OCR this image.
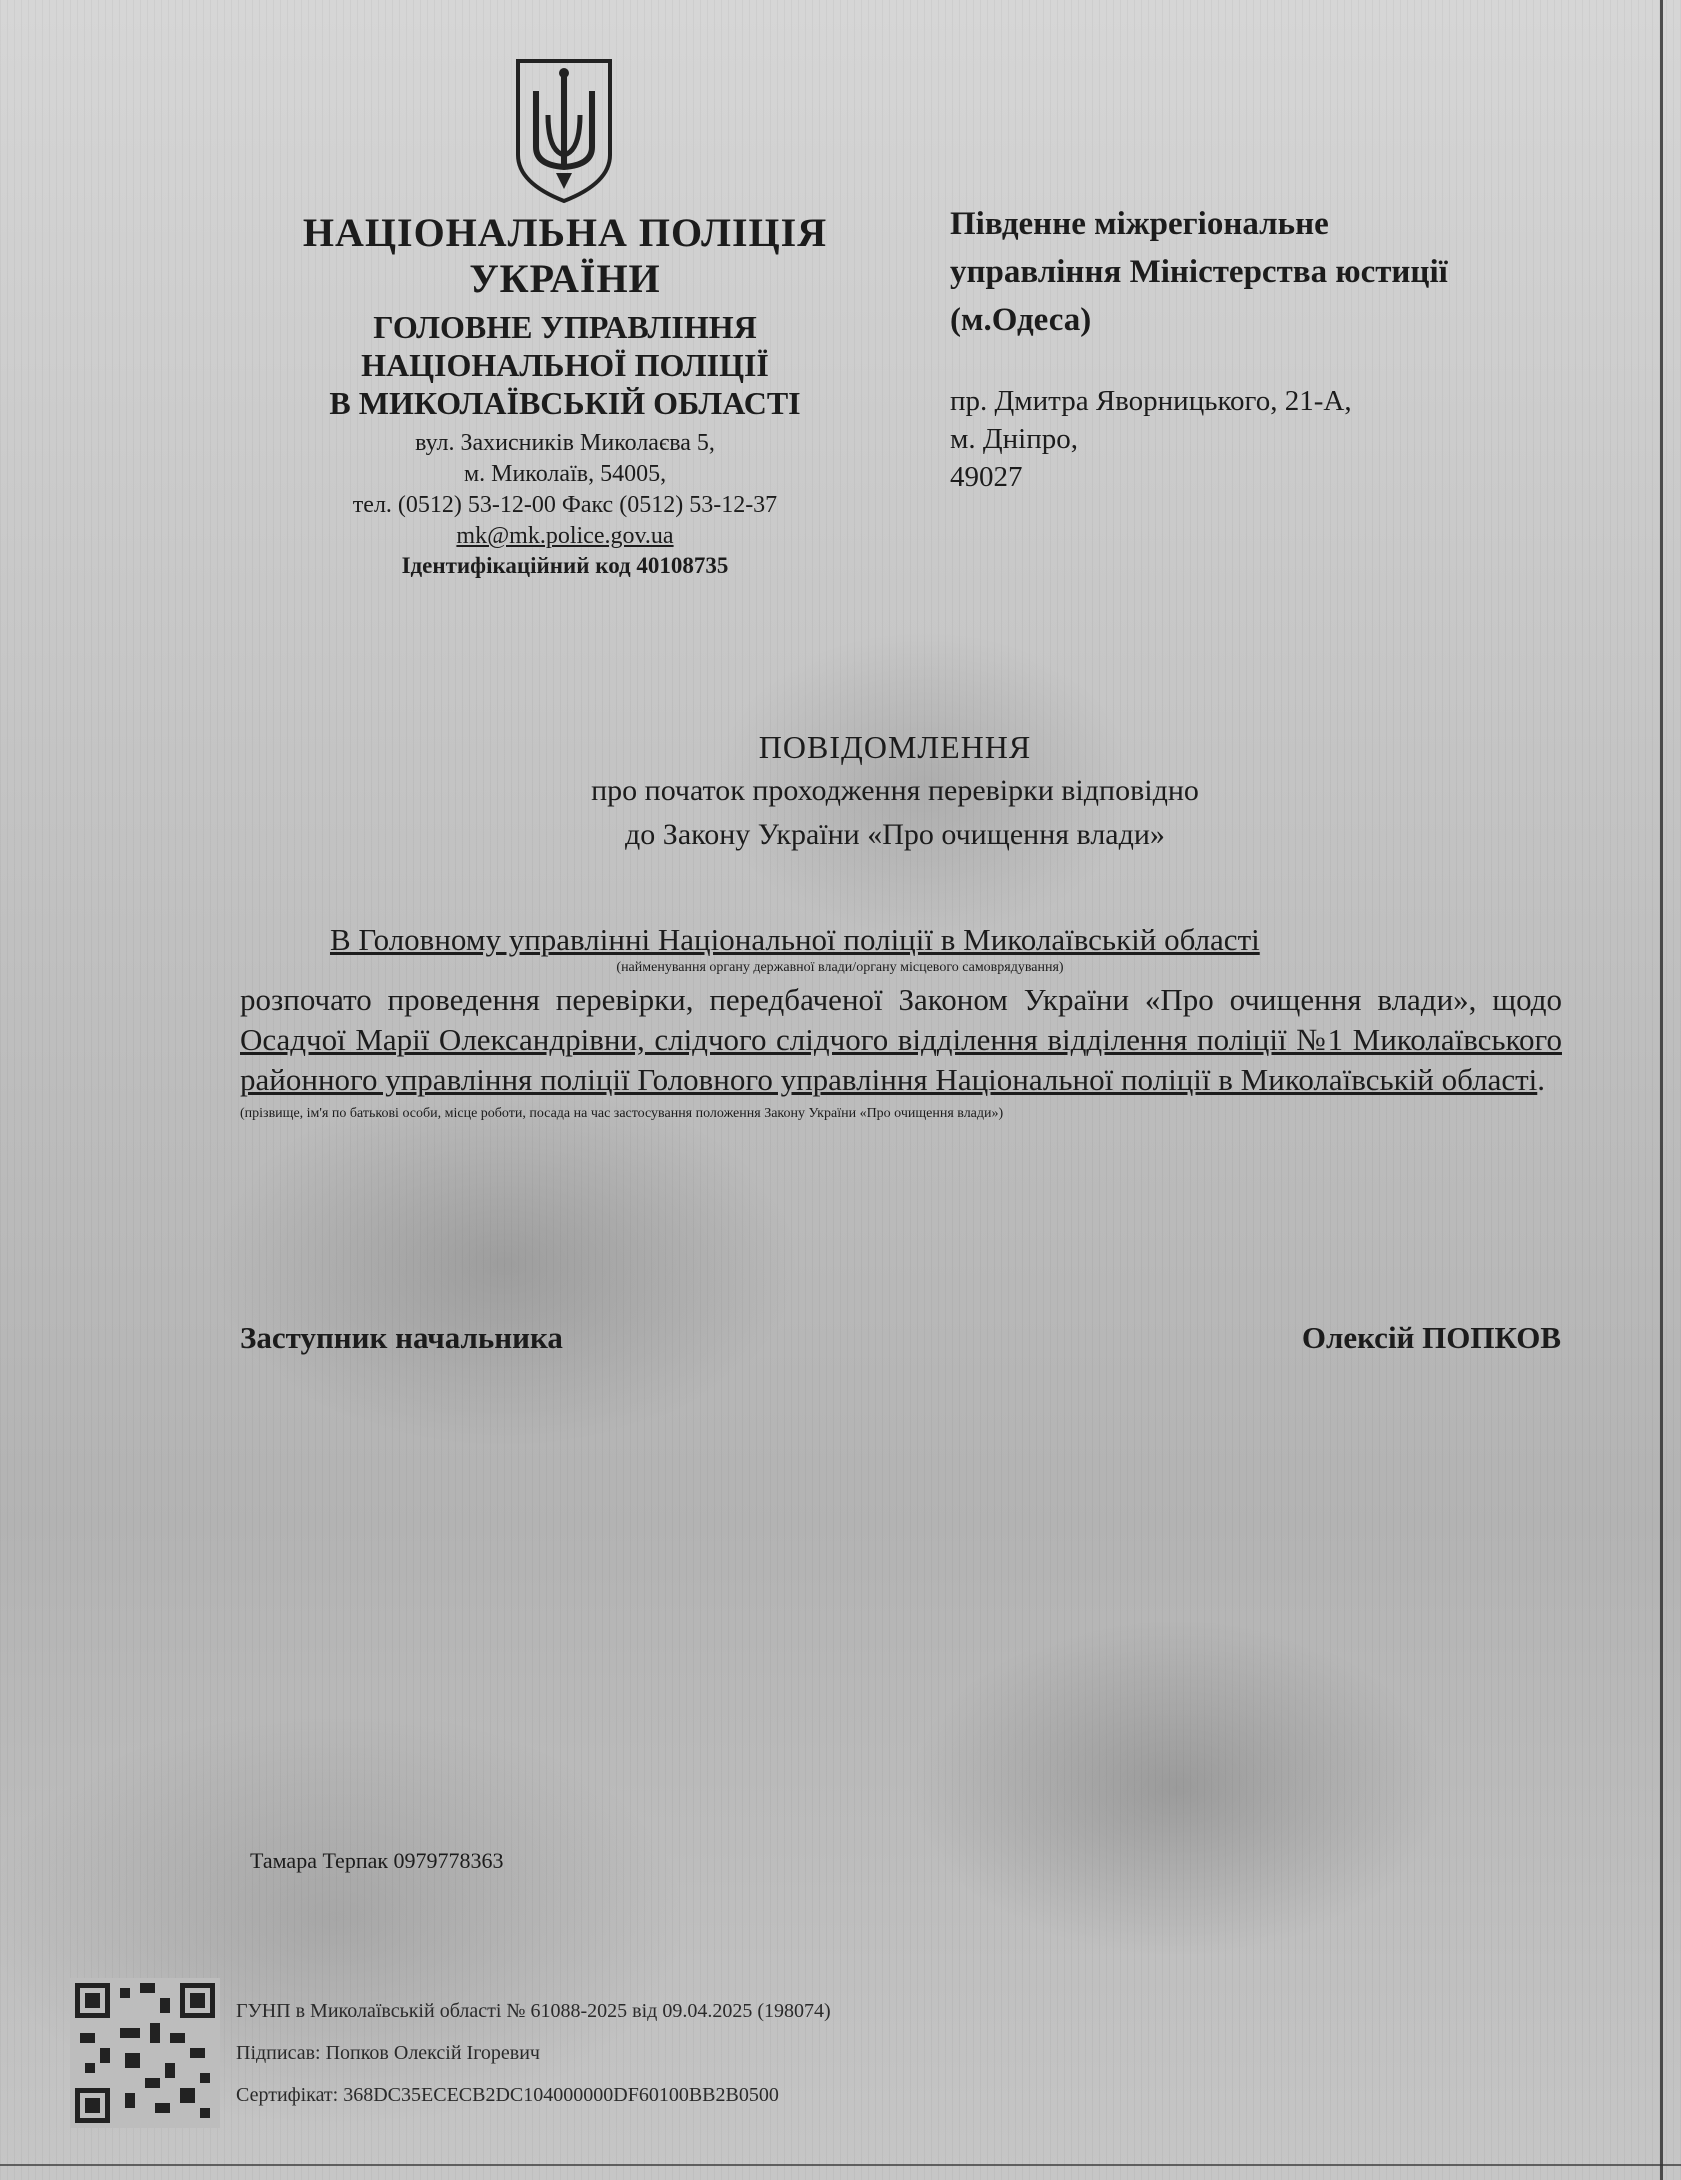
НАЦІОНАЛЬНА ПОЛІЦІЯ
УКРАЇНИ
ГОЛОВНЕ УПРАВЛІННЯ
НАЦІОНАЛЬНОЇ ПОЛІЦІЇ
В МИКОЛАЇВСЬКІЙ ОБЛАСТІ
вул. Захисників Миколаєва 5,
м. Миколаїв, 54005,
тел. (0512) 53-12-00 Факс (0512) 53-12-37
mk@mk.police.gov.ua
Ідентифікаційний код 40108735
Південне міжрегіональне
управління Міністерства юстиції
(м.Одеса)
пр. Дмитра Яворницького, 21-А,
м. Дніпро,
49027
ПОВІДОМЛЕННЯ
про початок проходження перевірки відповідно
до Закону України «Про очищення влади»
В Головному управлінні Національної поліції в Миколаївській області
(найменування органу державної влади/органу місцевого самоврядування)
розпочато проведення перевірки, передбаченої Законом України «Про очищення влади», щодо Осадчої Марії Олександрівни, слідчого слідчого відділення відділення поліції №1 Миколаївського районного управління поліції Головного управління Національної поліції в Миколаївській області.
(прізвище, ім'я по батькові особи, місце роботи, посада на час застосування положення Закону України «Про очищення влади»)
Заступник начальника	Олексій ПОПКОВ
Тамара Терпак 0979778363
ГУНП в Миколаївській області № 61088-2025 від 09.04.2025 (198074)
Підписав: Попков Олексій Ігоревич
Сертифікат: 368DC35ECECB2DC104000000DF60100BB2B0500
